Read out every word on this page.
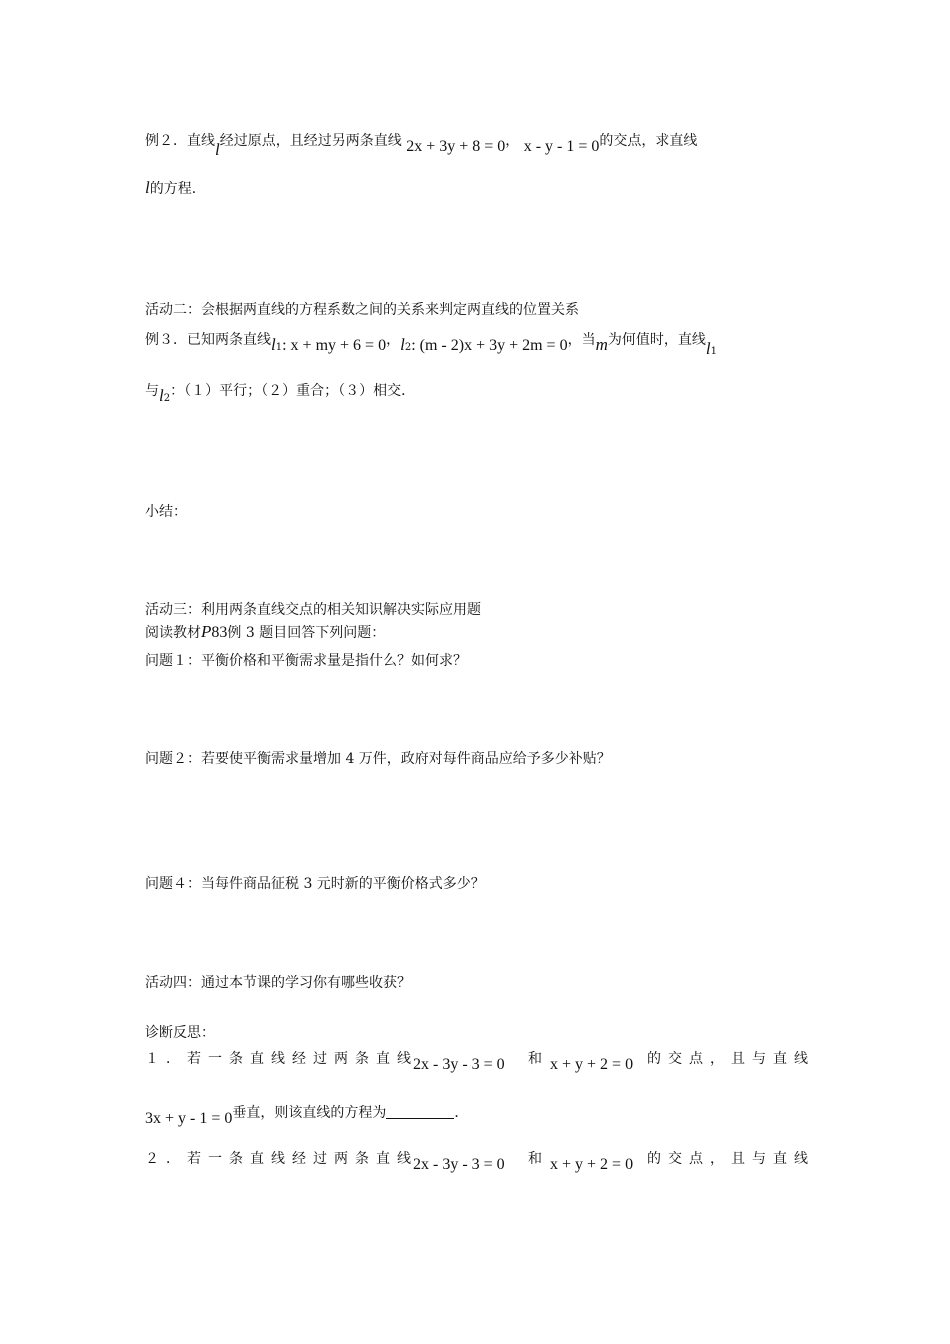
例２．直线l经过原点，且经过另两条直线 2x + 3y + 8 = 0， x - y - 1 = 0的交点，求直线
l的方程．
活动二：会根据两直线的方程系数之间的关系来判定两直线的位置关系
例３．已知两条直线$l_1$: x + my + 6 = 0，$l_2$: (m - 2)x + 3y + 2m = 0，当m为何值时，直线$l_1$
与$l_2$：（１）平行；（２）重合；（３）相交．
小结：
活动三：利用两条直线交点的相关知识解决实际应用题
阅读教材P83例 3 题目回答下列问题：
问题１：平衡价格和平衡需求量是指什么？如何求？
问题２：若要使平衡需求量增加 4 万件，政府对每件商品应给予多少补贴？
问题４：当每件商品征税 3 元时新的平衡价格式多少？
活动四：通过本节课的学习你有哪些收获？
诊断反思：
１．若一条直线经过两条直线
2x - 3y - 3 = 0 和 x + y + 2 = 0 的交点，且与直线
3x + y - 1 = 0垂直，则该直线的方程为	．
２．若一条直线经过两条直线
2x - 3y - 3 = 0 和 x + y + 2 = 0 的交点，且与直线
